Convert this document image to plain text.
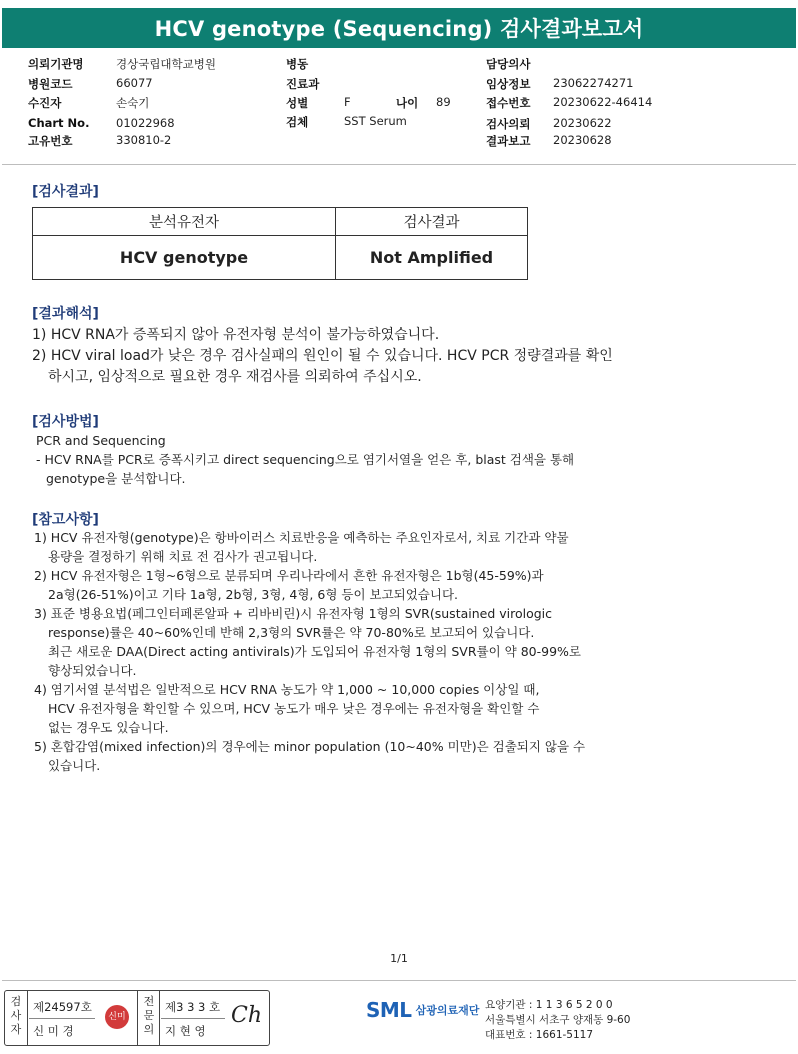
HCV genotype (Sequencing) 검사결과보고서
의뢰기관명	경상국립대학교병원
병원코드	66077
수진자	손숙기
Chart No. 01022968
고유번호	330810-2
병동
진료과
성별	F	나이 89
검체	SST Serum
담당의사
임상정보 23062274271
접수번호 20230622-46414
검사의뢰 20230622
결과보고 20230628
[검사결과]
분석유전자	검사결과
HCV genotype	Not Amplified
[결과해석]
1) HCV RNA가 증폭되지 않아 유전자형 분석이 불가능하였습니다.
2) HCV viral load가 낮은 경우 검사실패의 원인이 될 수 있습니다. HCV PCR 정량결과를 확인
하시고, 임상적으로 필요한 경우 재검사를 의뢰하여 주십시오.
[검사방법]
PCR and Sequencing
- HCV RNA를 PCR로 증폭시키고 direct sequencing으로 염기서열을 얻은 후, blast 검색을 통해
genotype을 분석합니다.
[참고사항]
1) HCV 유전자형(genotype)은 항바이러스 치료반응을 예측하는 주요인자로서, 치료 기간과 약물
용량을 결정하기 위해 치료 전 검사가 권고됩니다.
2) HCV 유전자형은 1형~6형으로 분류되며 우리나라에서 흔한 유전자형은 1b형(45-59%)과
2a형(26-51%)이고 기타 1a형, 2b형, 3형, 4형, 6형 등이 보고되었습니다.
3) 표준 병용요법(페그인터페론알파 + 리바비린)시 유전자형 1형의 SVR(sustained virologic
response)률은 40~60%인데 반해 2,3형의 SVR률은 약 70-80%로 보고되어 있습니다.
최근 새로운 DAA(Direct acting antivirals)가 도입되어 유전자형 1형의 SVR률이 약 80-99%로
향상되었습니다.
4) 염기서열 분석법은 일반적으로 HCV RNA 농도가 약 1,000 ~ 10,000 copies 이상일 때,
HCV 유전자형을 확인할 수 있으며, HCV 농도가 매우 낮은 경우에는 유전자형을 확인할 수
없는 경우도 있습니다.
5) 혼합감염(mixed infection)의 경우에는 minor population (10~40% 미만)은 검출되지 않을 수
있습니다.
1/1
검사자
제24597호
신 미 경
신미경
전문의
제3 3 3 호
지 현 영
Ch	SML 삼광의료재단 요양기관 : 1 1 3 6 5 2 0 0
서울특별시 서초구 양재동 9-60
대표번호 : 1661-5117
